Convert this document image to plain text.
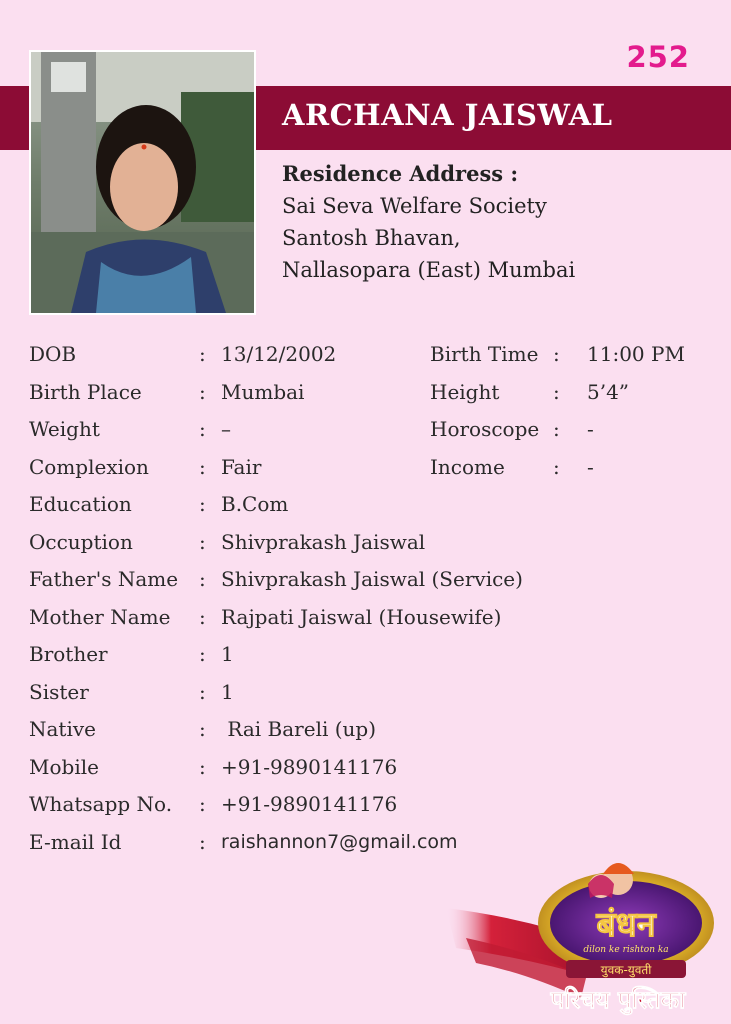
252
ARCHANA JAISWAL
Residence Address :
Sai Seva Welfare Society
Santosh Bhavan,
Nallasopara (East) Mumbai
DOB	: 13/12/2002	Birth Time : 11:00 PM
Birth Place	: Mumbai	Height	: 5’4”
Weight	: –	Horoscope : -
Complexion	: Fair	Income : -
Education	: B.Com
Occuption	: Shivprakash Jaiswal
Father's Name : Shivprakash Jaiswal (Service)
Mother Name : Rajpati Jaiswal (Housewife)
Brother	: 1
Sister	: 1
Native	: Rai Bareli (up)
Mobile	: +91-9890141176
Whatsapp No. : +91-9890141176
E-mail Id	: raishannon7@gmail.com
बंधन
dilon ke rishton ka
युवक-युवती
परिचय पुस्तिका
